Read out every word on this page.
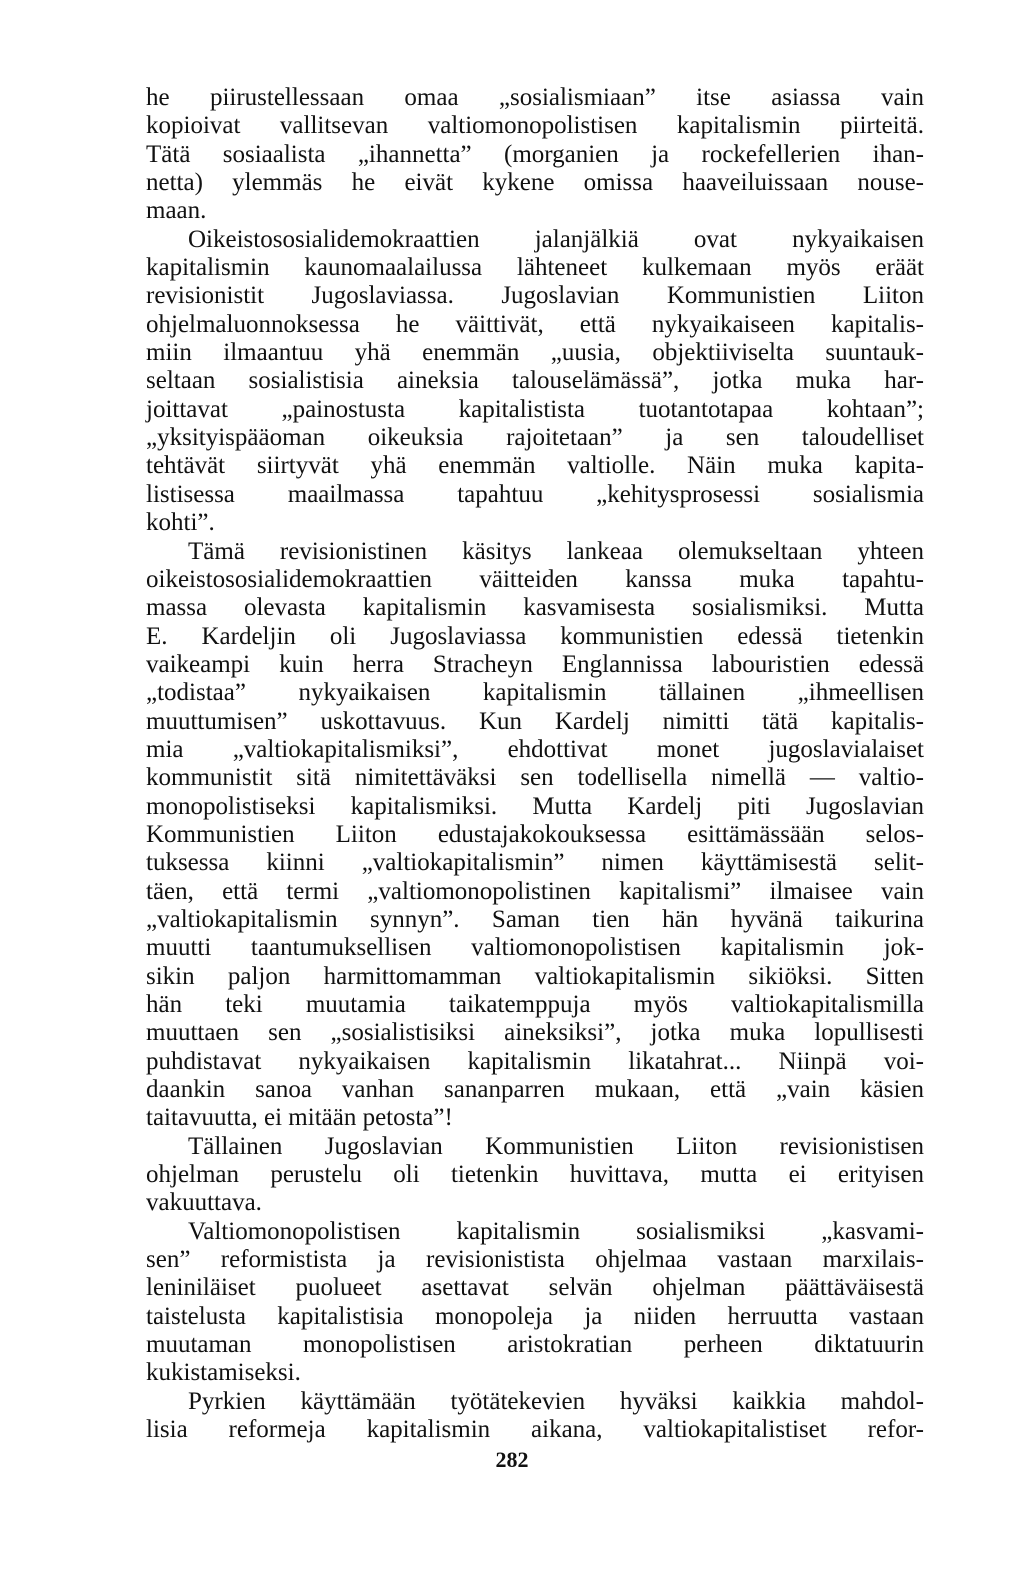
he piirustellessaan omaa „sosialismiaan” itse asiassa vain
kopioivat vallitsevan valtiomonopolistisen kapitalismin piirteitä.
Tätä sosiaalista „ihannetta” (morganien ja rockefellerien ihan-
netta) ylemmäs he eivät kykene omissa haaveiluissaan nouse-
maan.
Oikeistososialidemokraattien jalanjälkiä ovat nykyaikaisen
kapitalismin kaunomaalailussa lähteneet kulkemaan myös eräät
revisionistit Jugoslaviassa. Jugoslavian Kommunistien Liiton
ohjelmaluonnoksessa he väittivät, että nykyaikaiseen kapitalis-
miin ilmaantuu yhä enemmän „uusia, objektiiviselta suuntauk-
seltaan sosialistisia aineksia talouselämässä”, jotka muka har-
joittavat „painostusta kapitalistista tuotantotapaa kohtaan”;
„yksityispääoman oikeuksia rajoitetaan” ja sen taloudelliset
tehtävät siirtyvät yhä enemmän valtiolle. Näin muka kapita-
listisessa maailmassa tapahtuu „kehitysprosessi sosialismia
kohti”.
Tämä revisionistinen käsitys lankeaa olemukseltaan yhteen
oikeistososialidemokraattien väitteiden kanssa muka tapahtu-
massa olevasta kapitalismin kasvamisesta sosialismiksi. Mutta
E. Kardeljin oli Jugoslaviassa kommunistien edessä tietenkin
vaikeampi kuin herra Stracheyn Englannissa labouristien edessä
„todistaa” nykyaikaisen kapitalismin tällainen „ihmeellisen
muuttumisen” uskottavuus. Kun Kardelj nimitti tätä kapitalis-
mia „valtiokapitalismiksi”, ehdottivat monet jugoslavialaiset
kommunistit sitä nimitettäväksi sen todellisella nimellä — valtio-
monopolistiseksi kapitalismiksi. Mutta Kardelj piti Jugoslavian
Kommunistien Liiton edustajakokouksessa esittämässään selos-
tuksessa kiinni „valtiokapitalismin” nimen käyttämisestä selit-
täen, että termi „valtiomonopolistinen kapitalismi” ilmaisee vain
„valtiokapitalismin synnyn”. Saman tien hän hyvänä taikurina
muutti taantumuksellisen valtiomonopolistisen kapitalismin jok-
sikin paljon harmittomamman valtiokapitalismin sikiöksi. Sitten
hän teki muutamia taikatemppuja myös valtiokapitalismilla
muuttaen sen „sosialistisiksi aineksiksi”, jotka muka lopullisesti
puhdistavat nykyaikaisen kapitalismin likatahrat... Niinpä voi-
daankin sanoa vanhan sananparren mukaan, että „vain käsien
taitavuutta, ei mitään petosta”!
Tällainen Jugoslavian Kommunistien Liiton revisionistisen
ohjelman perustelu oli tietenkin huvittava, mutta ei erityisen
vakuuttava.
Valtiomonopolistisen kapitalismin sosialismiksi „kasvami-
sen” reformistista ja revisionistista ohjelmaa vastaan marxilais-
leniniläiset puolueet asettavat selvän ohjelman päättäväisestä
taistelusta kapitalistisia monopoleja ja niiden herruutta vastaan
muutaman monopolistisen aristokratian perheen diktatuurin
kukistamiseksi.
Pyrkien käyttämään työtätekevien hyväksi kaikkia mahdol-
lisia reformeja kapitalismin aikana, valtiokapitalistiset refor-
282
